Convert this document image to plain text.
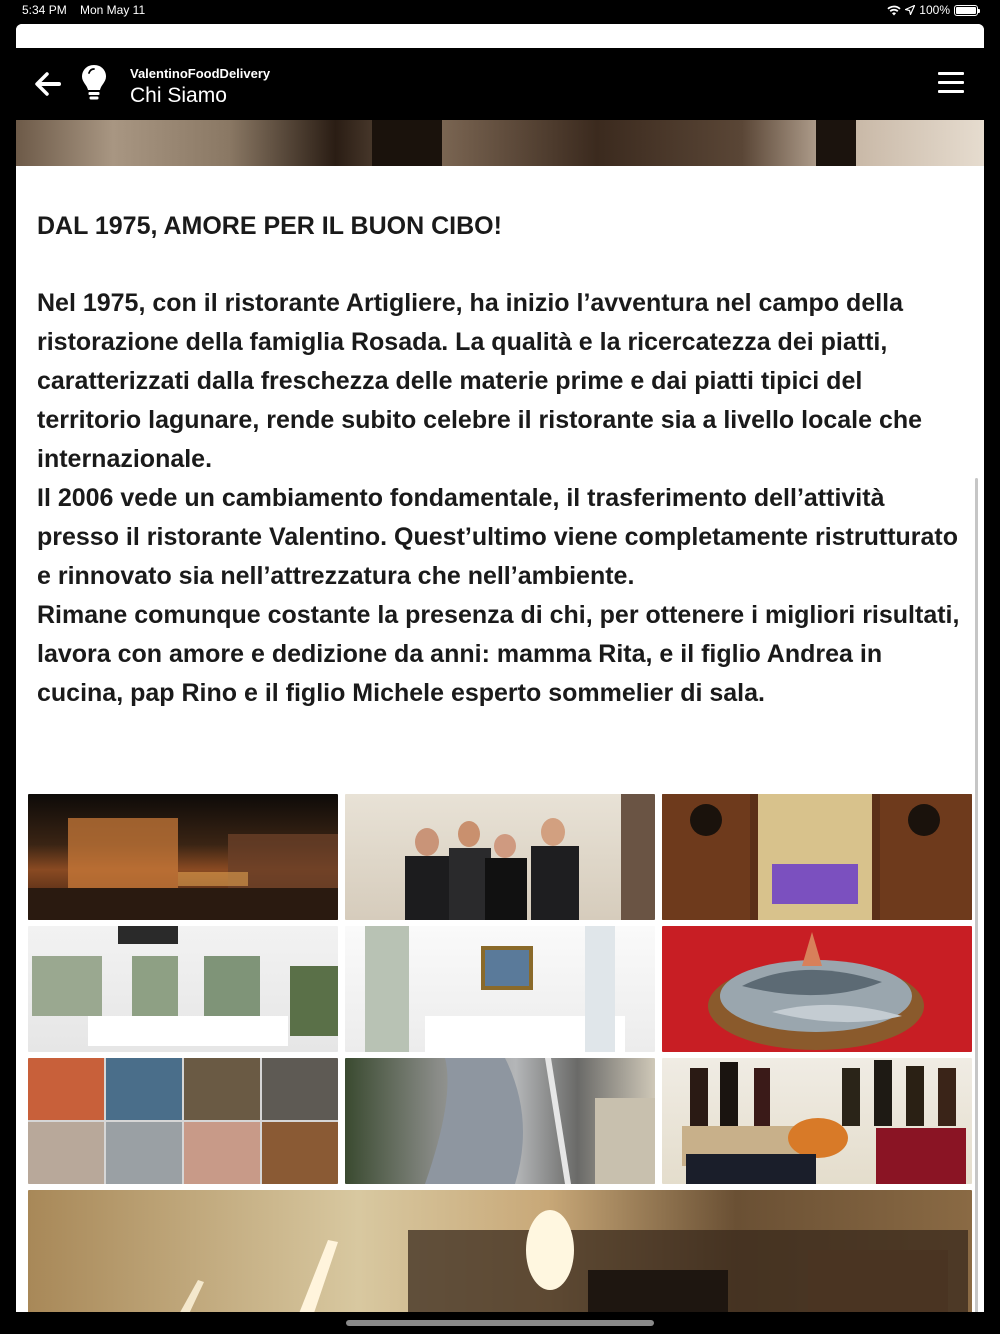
5:34 PM Mon May 11	100%
ValentinoFoodDelivery
Chi Siamo
DAL 1975, AMORE PER IL BUON CIBO!

Nel 1975, con il ristorante Artigliere, ha inizio l’avventura nel campo della ristorazione della famiglia Rosada. La qualità e la ricercatezza dei piatti, caratterizzati dalla freschezza delle materie prime e dai piatti tipici del territorio lagunare, rende subito celebre il ristorante sia a livello locale che internazionale.

Il 2006 vede un cambiamento fondamentale, il trasferimento dell’attività presso il ristorante Valentino. Quest’ultimo viene completamente ristrutturato e rinnovato sia nell’attrezzatura che nell’ambiente.

Rimane comunque costante la presenza di chi, per ottenere i migliori risultati, lavora con amore e dedizione da anni: mamma Rita, e il figlio Andrea in cucina, pap Rino e il figlio Michele esperto sommelier di sala.
